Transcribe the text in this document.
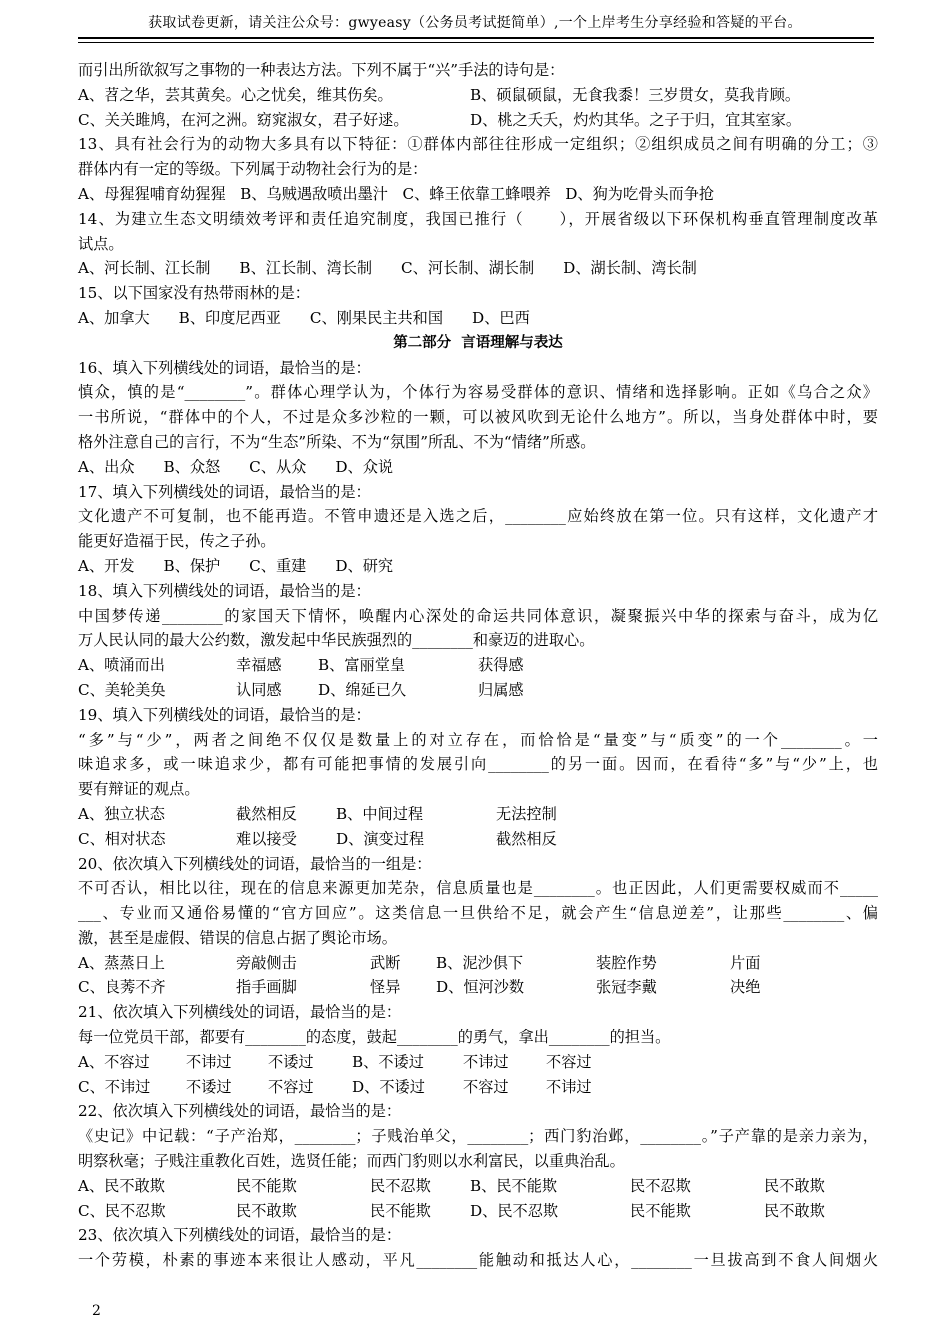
获取试卷更新，请关注公众号：gwyeasy（公务员考试挺简单）,一个上岸考生分享经验和答疑的平台。
而引出所欲叙写之事物的一种表达方法。下列不属于“兴”手法的诗句是：
A、苕之华，芸其黄矣。心之忧矣，维其伤矣。	B、硕鼠硕鼠，无食我黍！三岁贯女，莫我肯顾。
C、关关雎鸠，在河之洲。窈窕淑女，君子好逑。	D、桃之夭夭，灼灼其华。之子于归，宜其室家。
13、具有社会行为的动物大多具有以下特征：①群体内部往往形成一定组织；②组织成员之间有明确的分工；③
群体内有一定的等级。下列属于动物社会行为的是：
A、母猩猩哺育幼猩猩   B、乌贼遇敌喷出墨汁   C、蜂王依靠工蜂喂养   D、狗为吃骨头而争抢
14、为建立生态文明绩效考评和责任追究制度，我国已推行（      ），开展省级以下环保机构垂直管理制度改革
试点。
A、河长制、江长制      B、江长制、湾长制      C、河长制、湖长制      D、湖长制、湾长制
15、以下国家没有热带雨林的是：
A、加拿大      B、印度尼西亚      C、刚果民主共和国      D、巴西
第二部分  言语理解与表达
16、填入下列横线处的词语，最恰当的是：
慎众，慎的是“________”。群体心理学认为，个体行为容易受群体的意识、情绪和选择影响。正如《乌合之众》
一书所说，“群体中的个人，不过是众多沙粒的一颗，可以被风吹到无论什么地方”。所以，当身处群体中时，要
格外注意自己的言行，不为“生态”所染、不为“氛围”所乱、不为“情绪”所惑。
A、出众      B、众怒      C、从众      D、众说
17、填入下列横线处的词语，最恰当的是：
文化遗产不可复制，也不能再造。不管申遗还是入选之后，________应始终放在第一位。只有这样，文化遗产才
能更好造福于民，传之子孙。
A、开发      B、保护      C、重建      D、研究
18、填入下列横线处的词语，最恰当的是：
中国梦传递________的家国天下情怀，唤醒内心深处的命运共同体意识，凝聚振兴中华的探索与奋斗，成为亿
万人民认同的最大公约数，激发起中华民族强烈的________和豪迈的进取心。
A、喷涌而出	幸福感 B、富丽堂皇	获得感
C、美轮美奂	认同感 D、绵延已久	归属感
19、填入下列横线处的词语，最恰当的是：
“多”与“少”，两者之间绝不仅仅是数量上的对立存在，而恰恰是“量变”与“质变”的一个________。一
味追求多，或一味追求少，都有可能把事情的发展引向________的另一面。因而，在看待“多”与“少”上，也
要有辩证的观点。
A、独立状态	截然相反	B、中间过程	无法控制
C、相对状态	难以接受	D、演变过程	截然相反
20、依次填入下列横线处的词语，最恰当的一组是：
不可否认，相比以往，现在的信息来源更加芜杂，信息质量也是________。也正因此，人们更需要权威而不_____
___、专业而又通俗易懂的“官方回应”。这类信息一旦供给不足，就会产生“信息逆差”，让那些________、偏
激，甚至是虚假、错误的信息占据了舆论市场。
A、蒸蒸日上	旁敲侧击	武断 B、泥沙俱下	装腔作势	片面
C、良莠不齐	指手画脚	怪异 D、恒河沙数	张冠李戴	决绝
21、依次填入下列横线处的词语，最恰当的是：
每一位党员干部，都要有________的态度，鼓起________的勇气，拿出________的担当。
A、不容过 不讳过 不诿过	B、不诿过	不讳过 不容过
C、不讳过 不诿过 不容过	D、不诿过	不容过 不讳过
22、依次填入下列横线处的词语，最恰当的是：
《史记》中记载：“子产治郑，________；子贱治单父，________；西门豹治邺，________。”子产靠的是亲力亲为，
明察秋毫；子贱注重教化百姓，选贤任能；而西门豹则以水利富民，以重典治乱。
A、民不敢欺	民不能欺	民不忍欺	B、民不能欺	民不忍欺	民不敢欺
C、民不忍欺	民不敢欺	民不能欺	D、民不忍欺	民不能欺	民不敢欺
23、依次填入下列横线处的词语，最恰当的是：
一个劳模，朴素的事迹本来很让人感动，平凡________能触动和抵达人心，________一旦拔高到不食人间烟火
2
